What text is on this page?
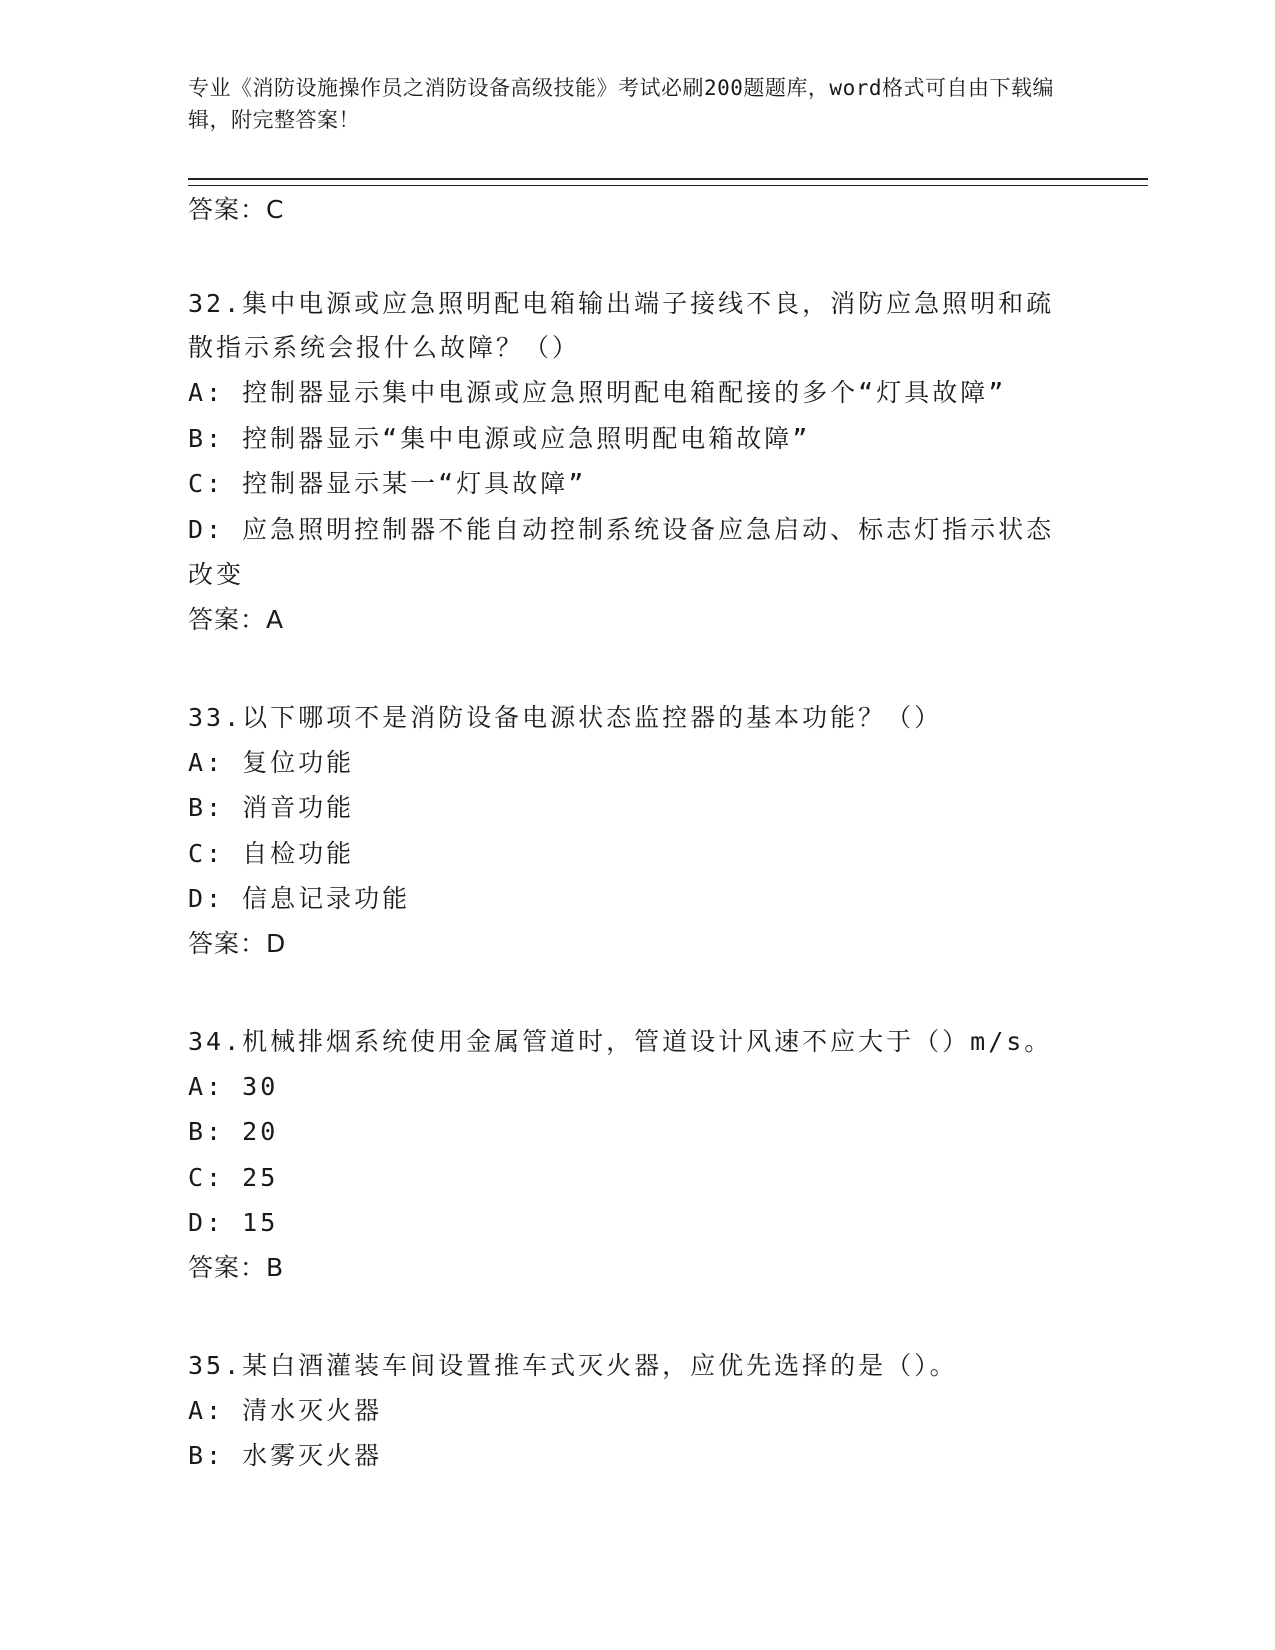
专业《消防设施操作员之消防设备高级技能》考试必刷200题题库，word格式可自由下载编辑，附完整答案！
答案：C
32.集中电源或应急照明配电箱输出端子接线不良，消防应急照明和疏散指示系统会报什么故障？（）
A: 控制器显示集中电源或应急照明配电箱配接的多个“灯具故障”
B: 控制器显示“集中电源或应急照明配电箱故障”
C: 控制器显示某一“灯具故障”
D: 应急照明控制器不能自动控制系统设备应急启动、标志灯指示状态改变
答案：A
33.以下哪项不是消防设备电源状态监控器的基本功能？（）
A: 复位功能
B: 消音功能
C: 自检功能
D: 信息记录功能
答案：D
34.机械排烟系统使用金属管道时，管道设计风速不应大于（）m/s。
A: 30
B: 20
C: 25
D: 15
答案：B
35.某白酒灌装车间设置推车式灭火器，应优先选择的是（）。
A: 清水灭火器
B: 水雾灭火器
